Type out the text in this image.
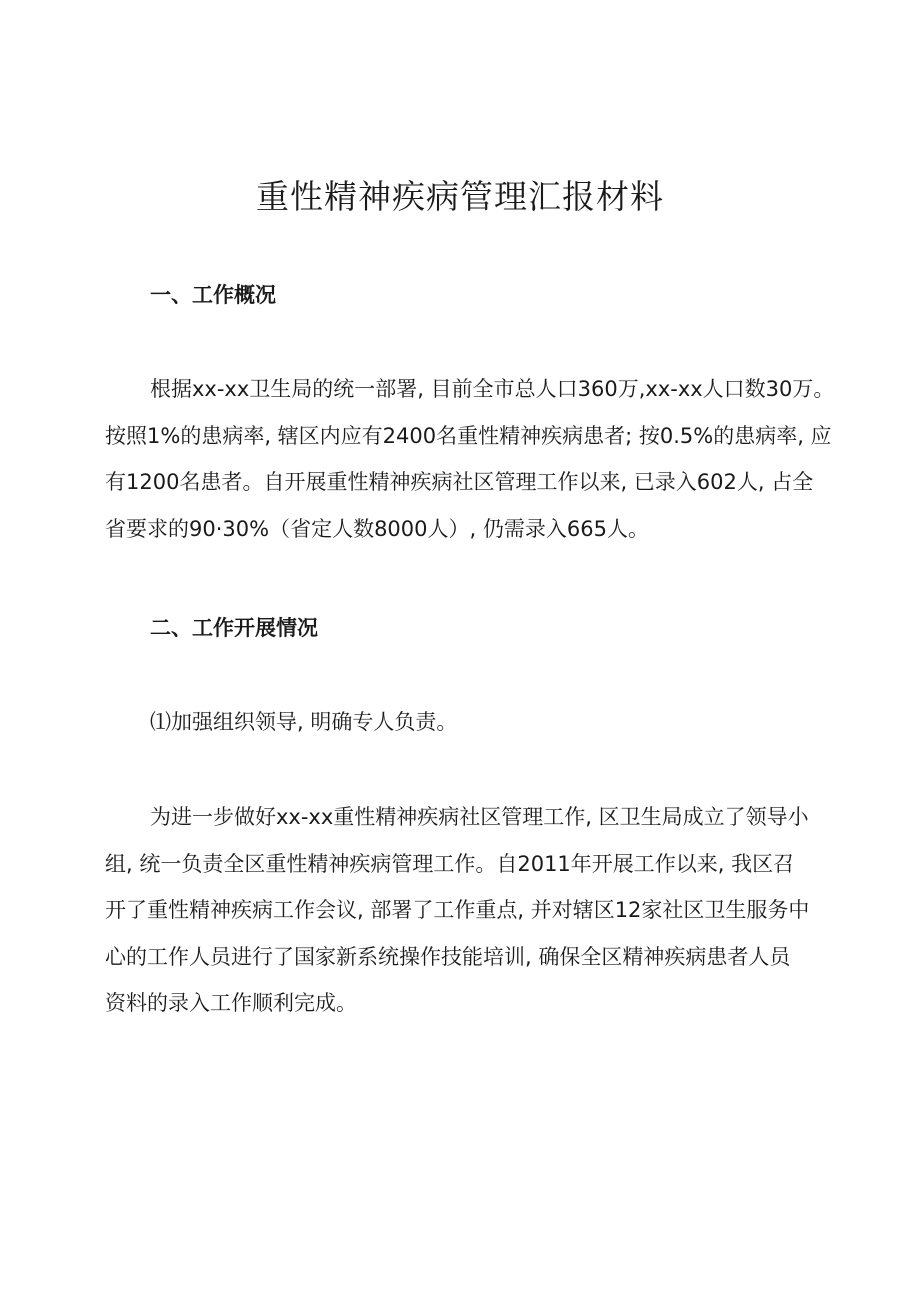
重性精神疾病管理汇报材料
一、工作概况
根据xx-xx卫生局的统一部署, 目前全市总人口360万,xx-xx人口数30万。
按照1%的患病率, 辖区内应有2400名重性精神疾病患者; 按0.5%的患病率, 应
有1200名患者。自开展重性精神疾病社区管理工作以来, 已录入602人, 占全
省要求的90·30%（省定人数8000人）, 仍需录入665人。
二、工作开展情况

⑴加强组织领导, 明确专人负责。

为进一步做好xx-xx重性精神疾病社区管理工作, 区卫生局成立了领导小
组, 统一负责全区重性精神疾病管理工作。自2011年开展工作以来, 我区召
开了重性精神疾病工作会议, 部署了工作重点, 并对辖区12家社区卫生服务中
心的工作人员进行了国家新系统操作技能培训, 确保全区精神疾病患者人员
资料的录入工作顺利完成。
